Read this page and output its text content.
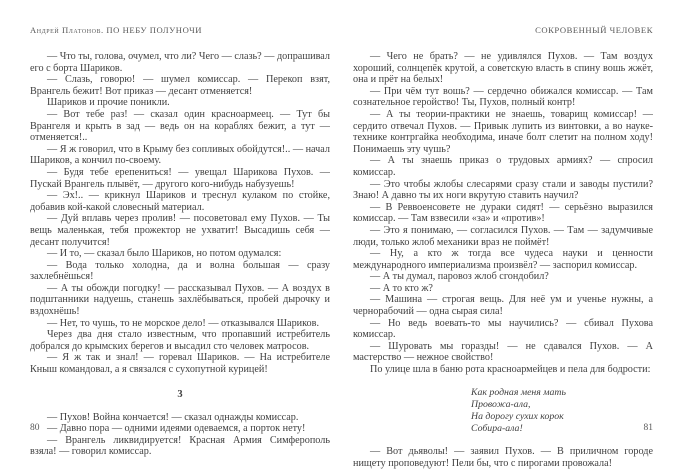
Андрей Платонов. ПО НЕБУ ПОЛУНОЧИ

— Что ты, голова, очумел, что ли? Чего — слазь? — допрашивал его с борта Шариков.

— Слазь, говорю! — шумел комиссар. — Перекоп взят, Врангель бежит! Вот приказ — десант отменяется!

Шариков и прочие поникли.

— Вот тебе раз! — сказал один красноармеец. — Тут бы Врангеля и крыть в зад — ведь он на кораблях бежит, а тут — отменяется!..

— Я ж говорил, что в Крыму без сопливых обойдутся!.. — начал Шариков, а кончил по-своему.

— Будя тебе ерепениться! — увещал Шарикова Пухов. — Пускай Врангель плывёт, — другого кого-нибудь набузуешь!

— Эх!.. — крикнул Шариков и треснул кулаком по стойке, добавив кой-какой словесный материал.

— Дуй вплавь через пролив! — посоветовал ему Пухов. — Ты вещь маленькая, тебя прожектор не ухватит! Высадишь себя — десант получится!

— И то, — сказал было Шариков, но потом одумался:

— Вода только холодна, да и волна большая — сразу захлебнёшься!

— А ты обожди погодку! — рассказывал Пухов. — А воздух в подштанники надуешь, станешь захлёбываться, пробей дырочку и вздохнёшь!

— Нет, то чушь, то не морское дело! — отказывался Шариков.

Через два дня стало известным, что пропавший истребитель добрался до крымских берегов и высадил сто человек матросов.

— Я ж так и знал! — горевал Шариков. — На истребителе Кныш командовал, а я связался с сухопутной курицей!

3

— Пухов! Война кончается! — сказал однажды комиссар.

— Давно пора — одними идеями одеваемся, а порток нету!

— Врангель ликвидируется! Красная Армия Симферополь взяла! — говорил комиссар.

80
СОКРОВЕННЫЙ ЧЕЛОВЕК

— Чего не брать? — не удивлялся Пухов. — Там воздух хороший, солнцепёк крутой, а советскую власть в спину вошь жжёт, она и прёт на белых!

— При чём тут вошь? — сердечно обижался комиссар. — Там сознательное геройство! Ты, Пухов, полный контр!

— А ты теории-практики не знаешь, товарищ комиссар! — сердито отвечал Пухов. — Привык лупить из винтовки, а во науке-технике контргайка необходима, иначе болт слетит на полном ходу! Понимаешь эту чушь?

— А ты знаешь приказ о трудовых армиях? — спросил комиссар.

— Это чтобы жлобы слесарями сразу стали и заводы пустили? Знаю! А давно ты их ноги вкрутую ставить научил?

— В Реввоенсовете не дураки сидят! — серьёзно выразился комиссар. — Там взвесили «за» и «против»!

— Это я понимаю, — согласился Пухов. — Там — задумчивые люди, только жлоб механики враз не поймёт!

— Ну, а кто ж тогда все чудеса науки и ценности международного империализма произвёл? — заспорил комиссар.

— А ты думал, паровоз жлоб сгондобил?

— А то кто ж?

— Машина — строгая вещь. Для неё ум и ученье нужны, а чернорабочий — одна сырая сила!

— Но ведь воевать-то мы научились? — сбивал Пухова комиссар.

— Шуровать мы горазды! — не сдавался Пухов. — А мастерство — нежное свойство!

По улице шла в баню рота красноармейцев и пела для бодрости:

Как родная меня мать
Провожа-ала,
На дорогу сухих корок
Собира-ала!

— Вот дьяволы! — заявил Пухов. — В приличном городе нищету проповедуют! Пели бы, что с пирогами провожала!

81
